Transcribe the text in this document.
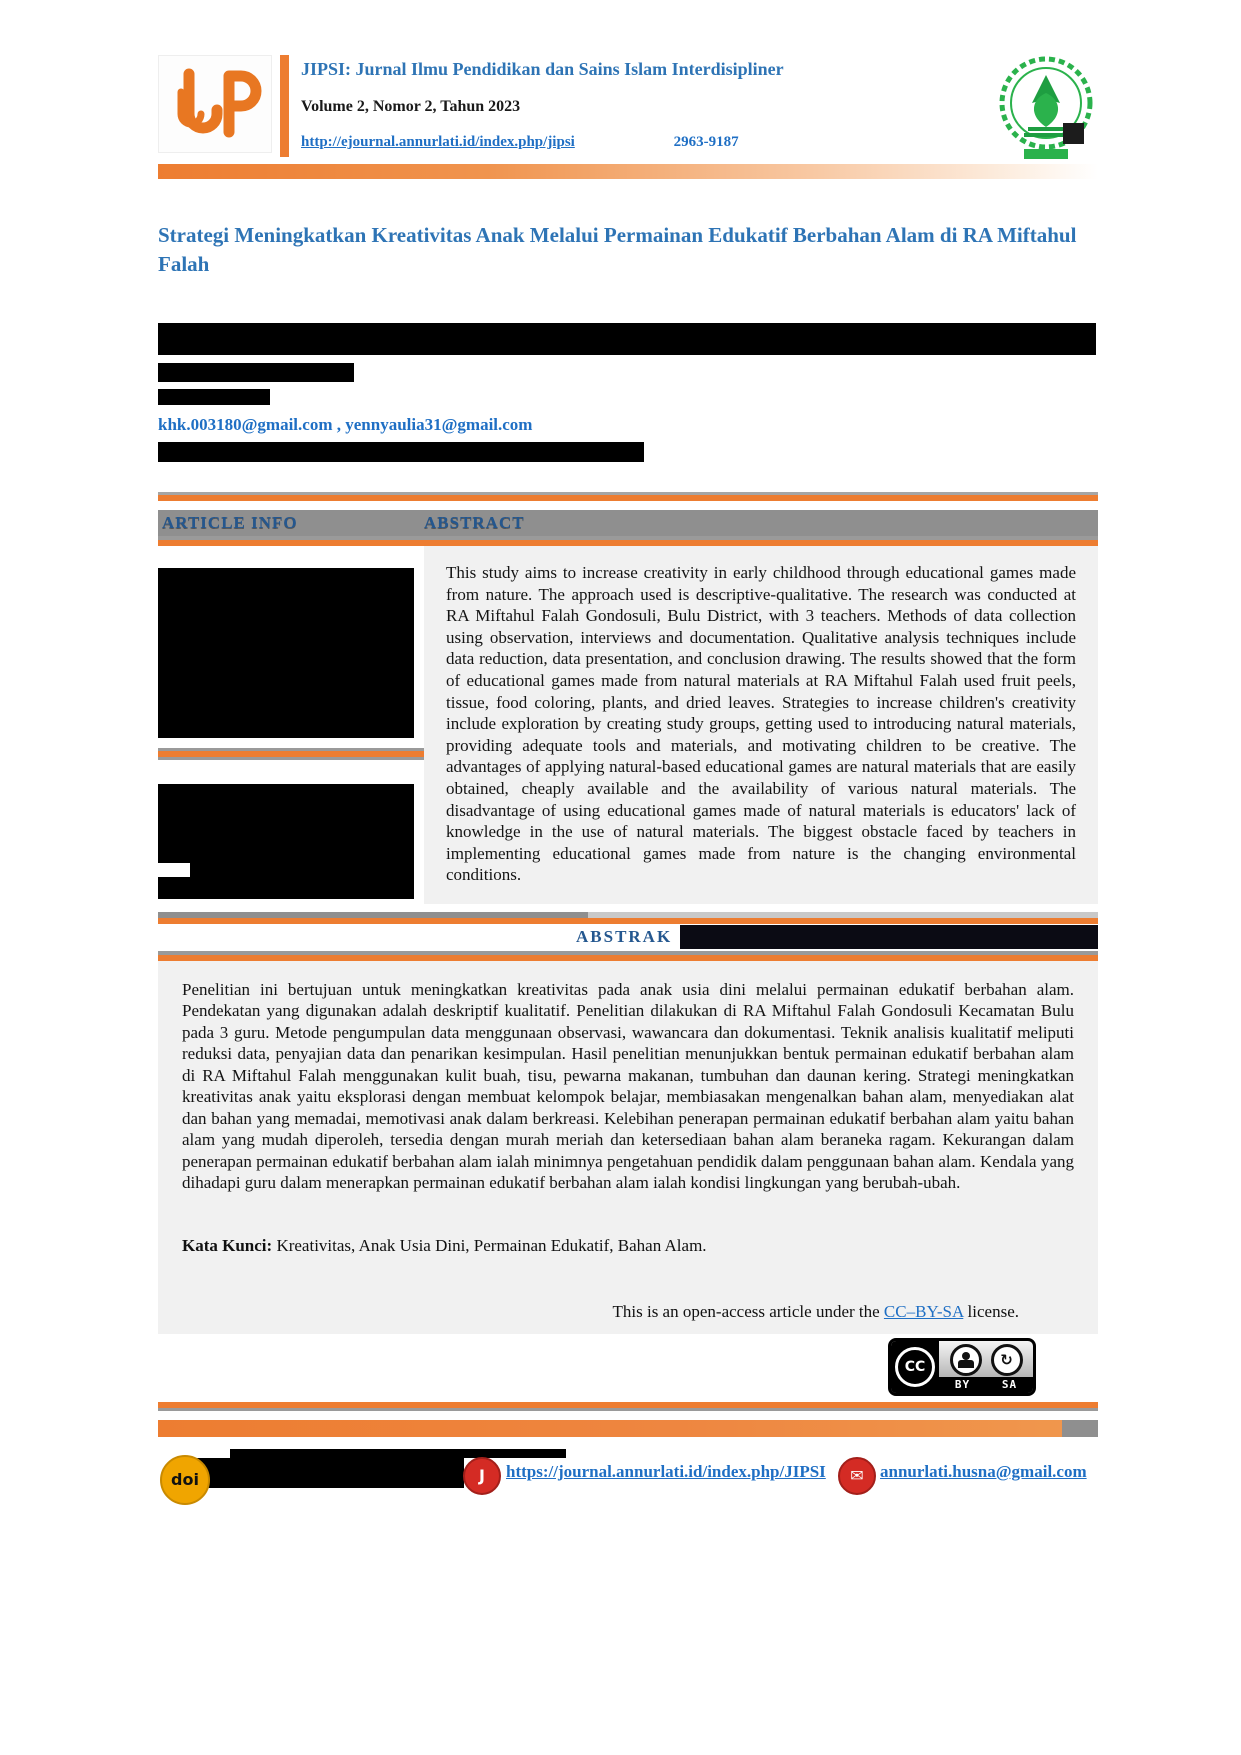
JIPSI: Jurnal Ilmu Pendidikan dan Sains Islam Interdisipliner
Volume 2, Nomor 2, Tahun 2023
http://ejournal.annurlati.id/index.php/jipsi	2963-9187
Strategi Meningkatkan Kreativitas Anak Melalui Permainan Edukatif Berbahan Alam di RA Miftahul Falah
khk.003180@gmail.com , yennyaulia31@gmail.com
ARTICLE INFO	ABSTRACT
This study aims to increase creativity in early childhood through educational games made from nature. The approach used is descriptive-qualitative. The research was conducted at RA Miftahul Falah Gondosuli, Bulu District, with 3 teachers. Methods of data collection using observation, interviews and documentation. Qualitative analysis techniques include data reduction, data presentation, and conclusion drawing. The results showed that the form of educational games made from natural materials at RA Miftahul Falah used fruit peels, tissue, food coloring, plants, and dried leaves. Strategies to increase children's creativity include exploration by creating study groups, getting used to introducing natural materials, providing adequate tools and materials, and motivating children to be creative. The advantages of applying natural-based educational games are natural materials that are easily obtained, cheaply available and the availability of various natural materials. The disadvantage of using educational games made of natural materials is educators' lack of knowledge in the use of natural materials. The biggest obstacle faced by teachers in implementing educational games made from nature is the changing environmental conditions.
ABSTRAK
Penelitian ini bertujuan untuk meningkatkan kreativitas pada anak usia dini melalui permainan edukatif berbahan alam. Pendekatan yang digunakan adalah deskriptif kualitatif. Penelitian dilakukan di RA Miftahul Falah Gondosuli Kecamatan Bulu pada 3 guru. Metode pengumpulan data menggunaan observasi, wawancara dan dokumentasi. Teknik analisis kualitatif meliputi reduksi data, penyajian data dan penarikan kesimpulan. Hasil penelitian menunjukkan bentuk permainan edukatif berbahan alam di RA Miftahul Falah menggunakan kulit buah, tisu, pewarna makanan, tumbuhan dan daunan kering. Strategi meningkatkan kreativitas anak yaitu eksplorasi dengan membuat kelompok belajar, membiasakan mengenalkan bahan alam, menyediakan alat dan bahan yang memadai, memotivasi anak dalam berkreasi. Kelebihan penerapan permainan edukatif berbahan alam yaitu bahan alam yang mudah diperoleh, tersedia dengan murah meriah dan ketersediaan bahan alam beraneka ragam. Kekurangan dalam penerapan permainan edukatif berbahan alam ialah minimnya pengetahuan pendidik dalam penggunaan bahan alam. Kendala yang dihadapi guru dalam menerapkan permainan edukatif berbahan alam ialah kondisi lingkungan yang berubah-ubah.
Kata Kunci: Kreativitas, Anak Usia Dini, Permainan Edukatif, Bahan Alam.
This is an open-access article under the CC–BY-SA license.
CC	↻
BY	SA
doi	J	https://journal.annurlati.id/index.php/JIPSI	✉ annurlati.husna@gmail.com
